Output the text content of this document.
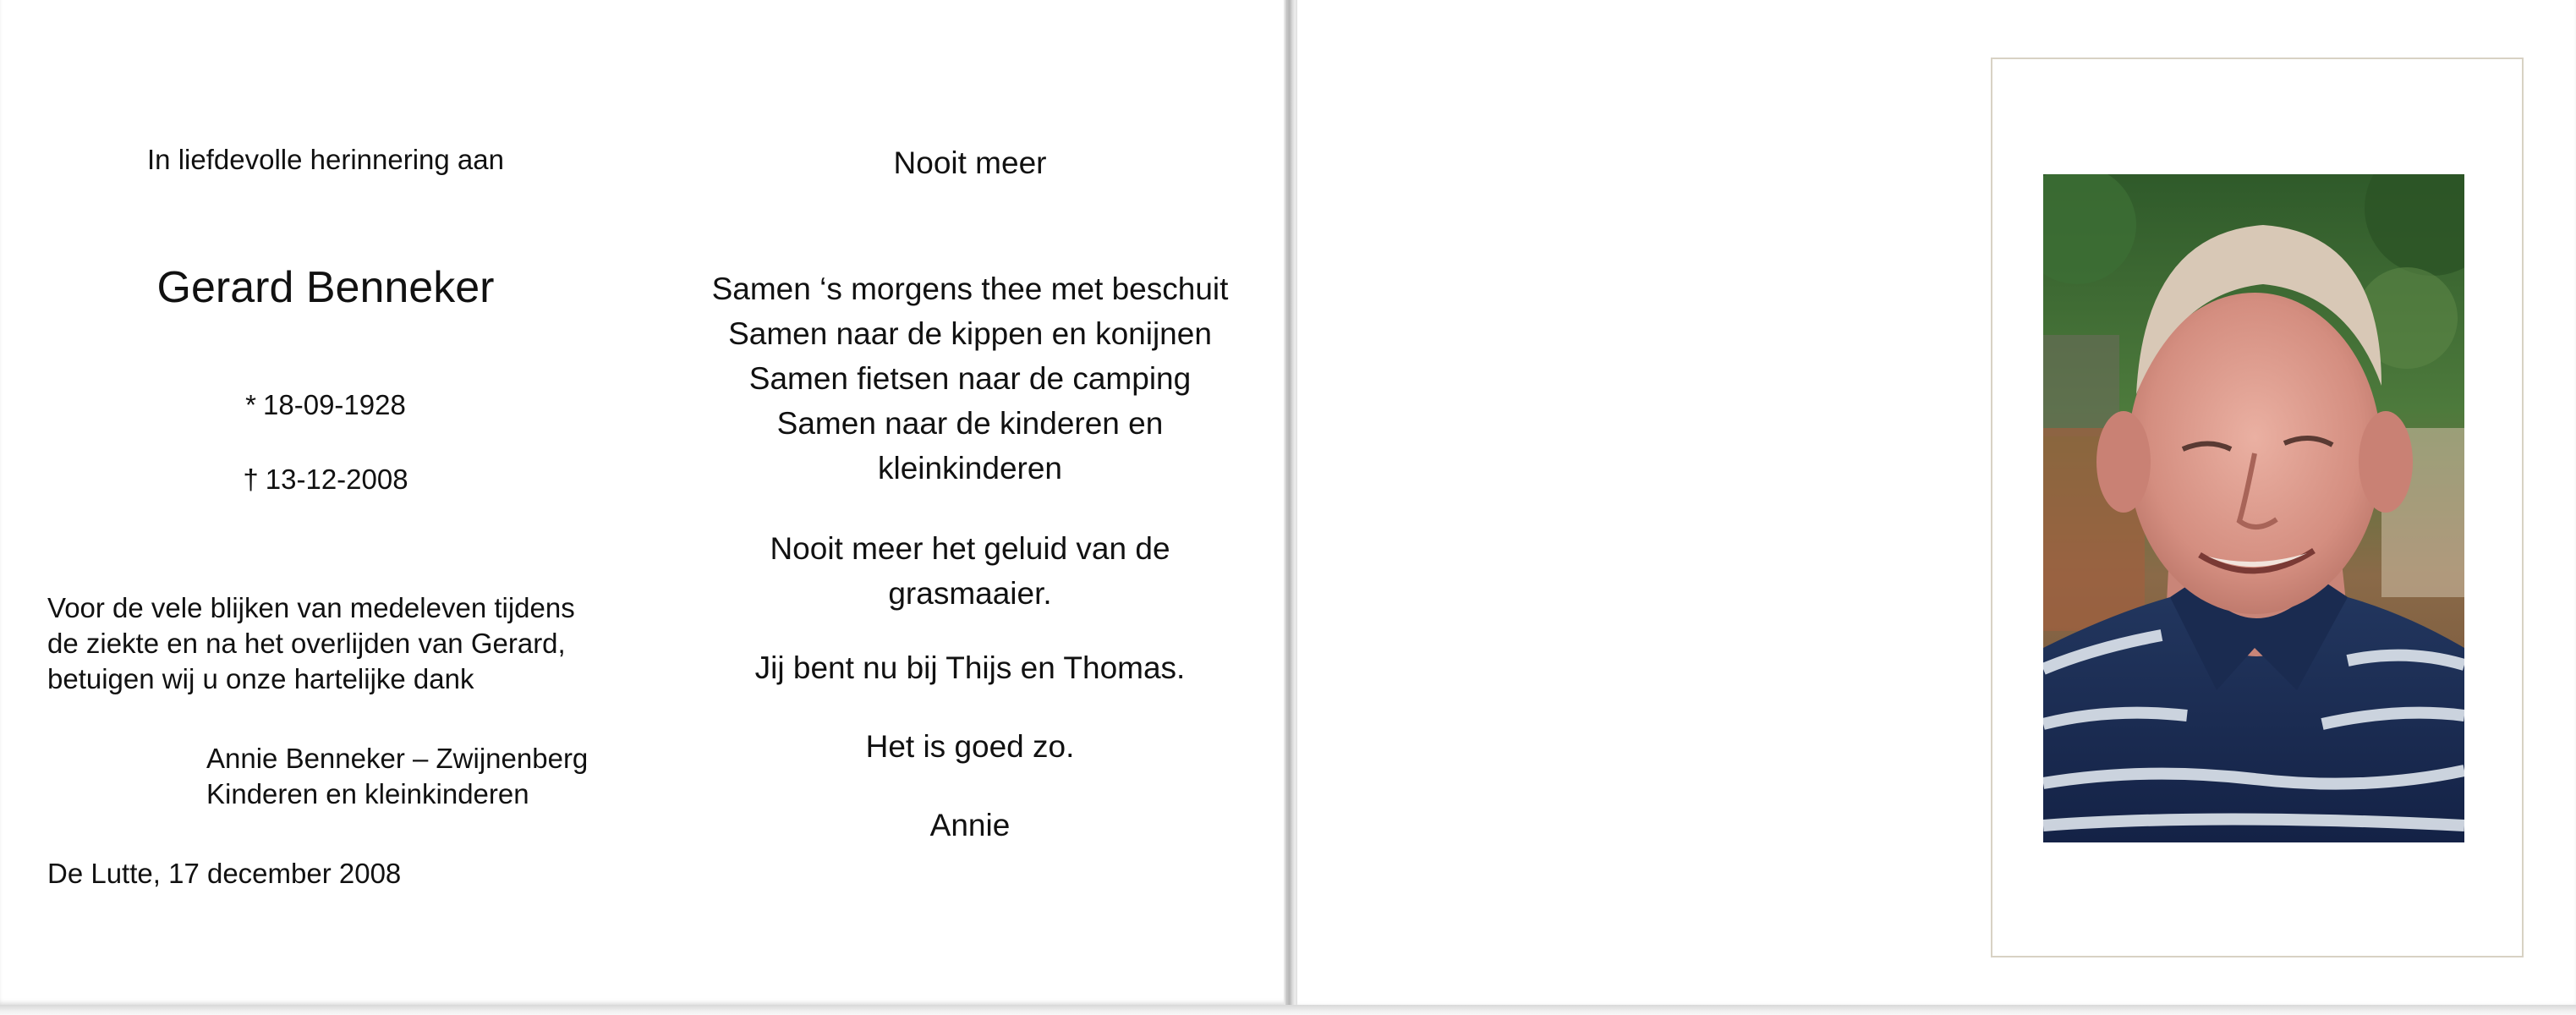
In liefdevolle herinnering aan
Gerard Benneker
* 18-09-1928
† 13-12-2008
Voor de vele blijken van medeleven tijdens
de ziekte en na het overlijden van Gerard,
betuigen wij u onze hartelijke dank
Annie Benneker – Zwijnenberg
Kinderen en kleinkinderen
De Lutte, 17 december 2008
Nooit meer
Samen ‘s morgens thee met beschuit
Samen naar de kippen en konijnen
Samen fietsen naar de camping
Samen naar de kinderen en
kleinkinderen
Nooit meer het geluid van de
grasmaaier.
Jij bent nu bij Thijs en Thomas.
Het is goed zo.
Annie
